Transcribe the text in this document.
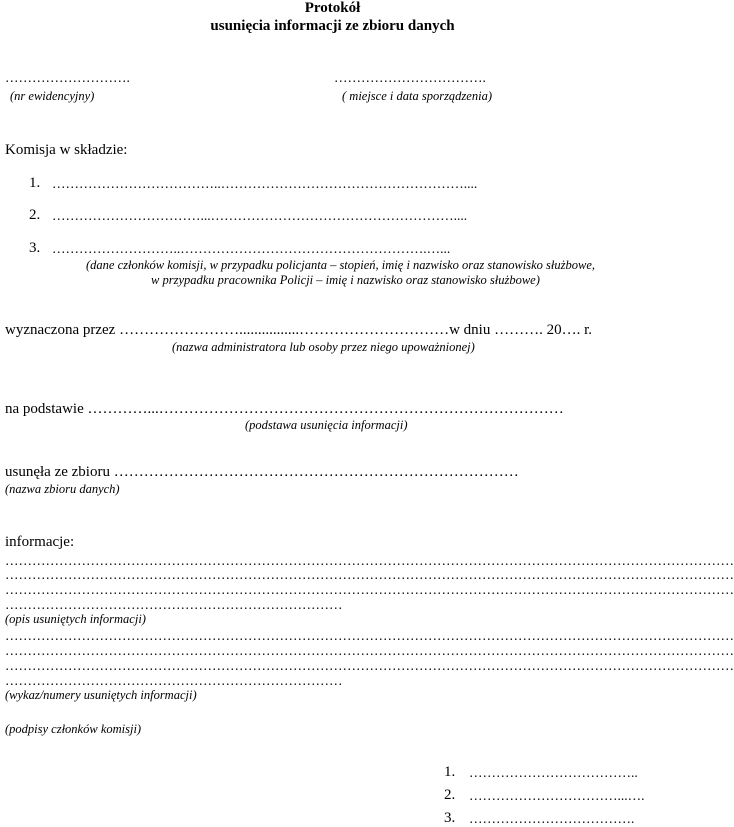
Protokół
usunięcia informacji ze zbioru danych
……………………….
(nr ewidencyjny)
…………………………….
( miejsce i data sporządzenia)
Komisja w składzie:
1. ………………………………..………………………………………………....
2. ……………………………...………………………………………………....
3. ………………………..……………………………………………….…...
(dane członków komisji, w przypadku policjanta – stopień, imię i nazwisko oraz stanowisko służbowe,
w przypadku pracownika Policji – imię i nazwisko oraz stanowisko służbowe)
wyznaczona przez ……………………................…………………………w dniu ………. 20…. r.
(nazwa administratora lub osoby przez niego upoważnionej)
na podstawie …………...………………………………………………………………………
(podstawa usunięcia informacji)
usunęła ze zbioru ………………………………………………………………………
(nazwa zbioru danych)
informacje:
………………………………………………………………………………………………………………………………………………
………………………………………………………………………………………………………………………………………………
………………………………………………………………………………………………………………………………………………
…………………………………………………………………
(opis usuniętych informacji)
………………………………………………………………………………………………………………………………………………
………………………………………………………………………………………………………………………………………………
………………………………………………………………………………………………………………………………………………
…………………………………………………………………
(wykaz/numery usuniętych informacji)
(podpisy członków komisji)
1. ………………………………..
2. ……………………………...….
3. ……………………………….
